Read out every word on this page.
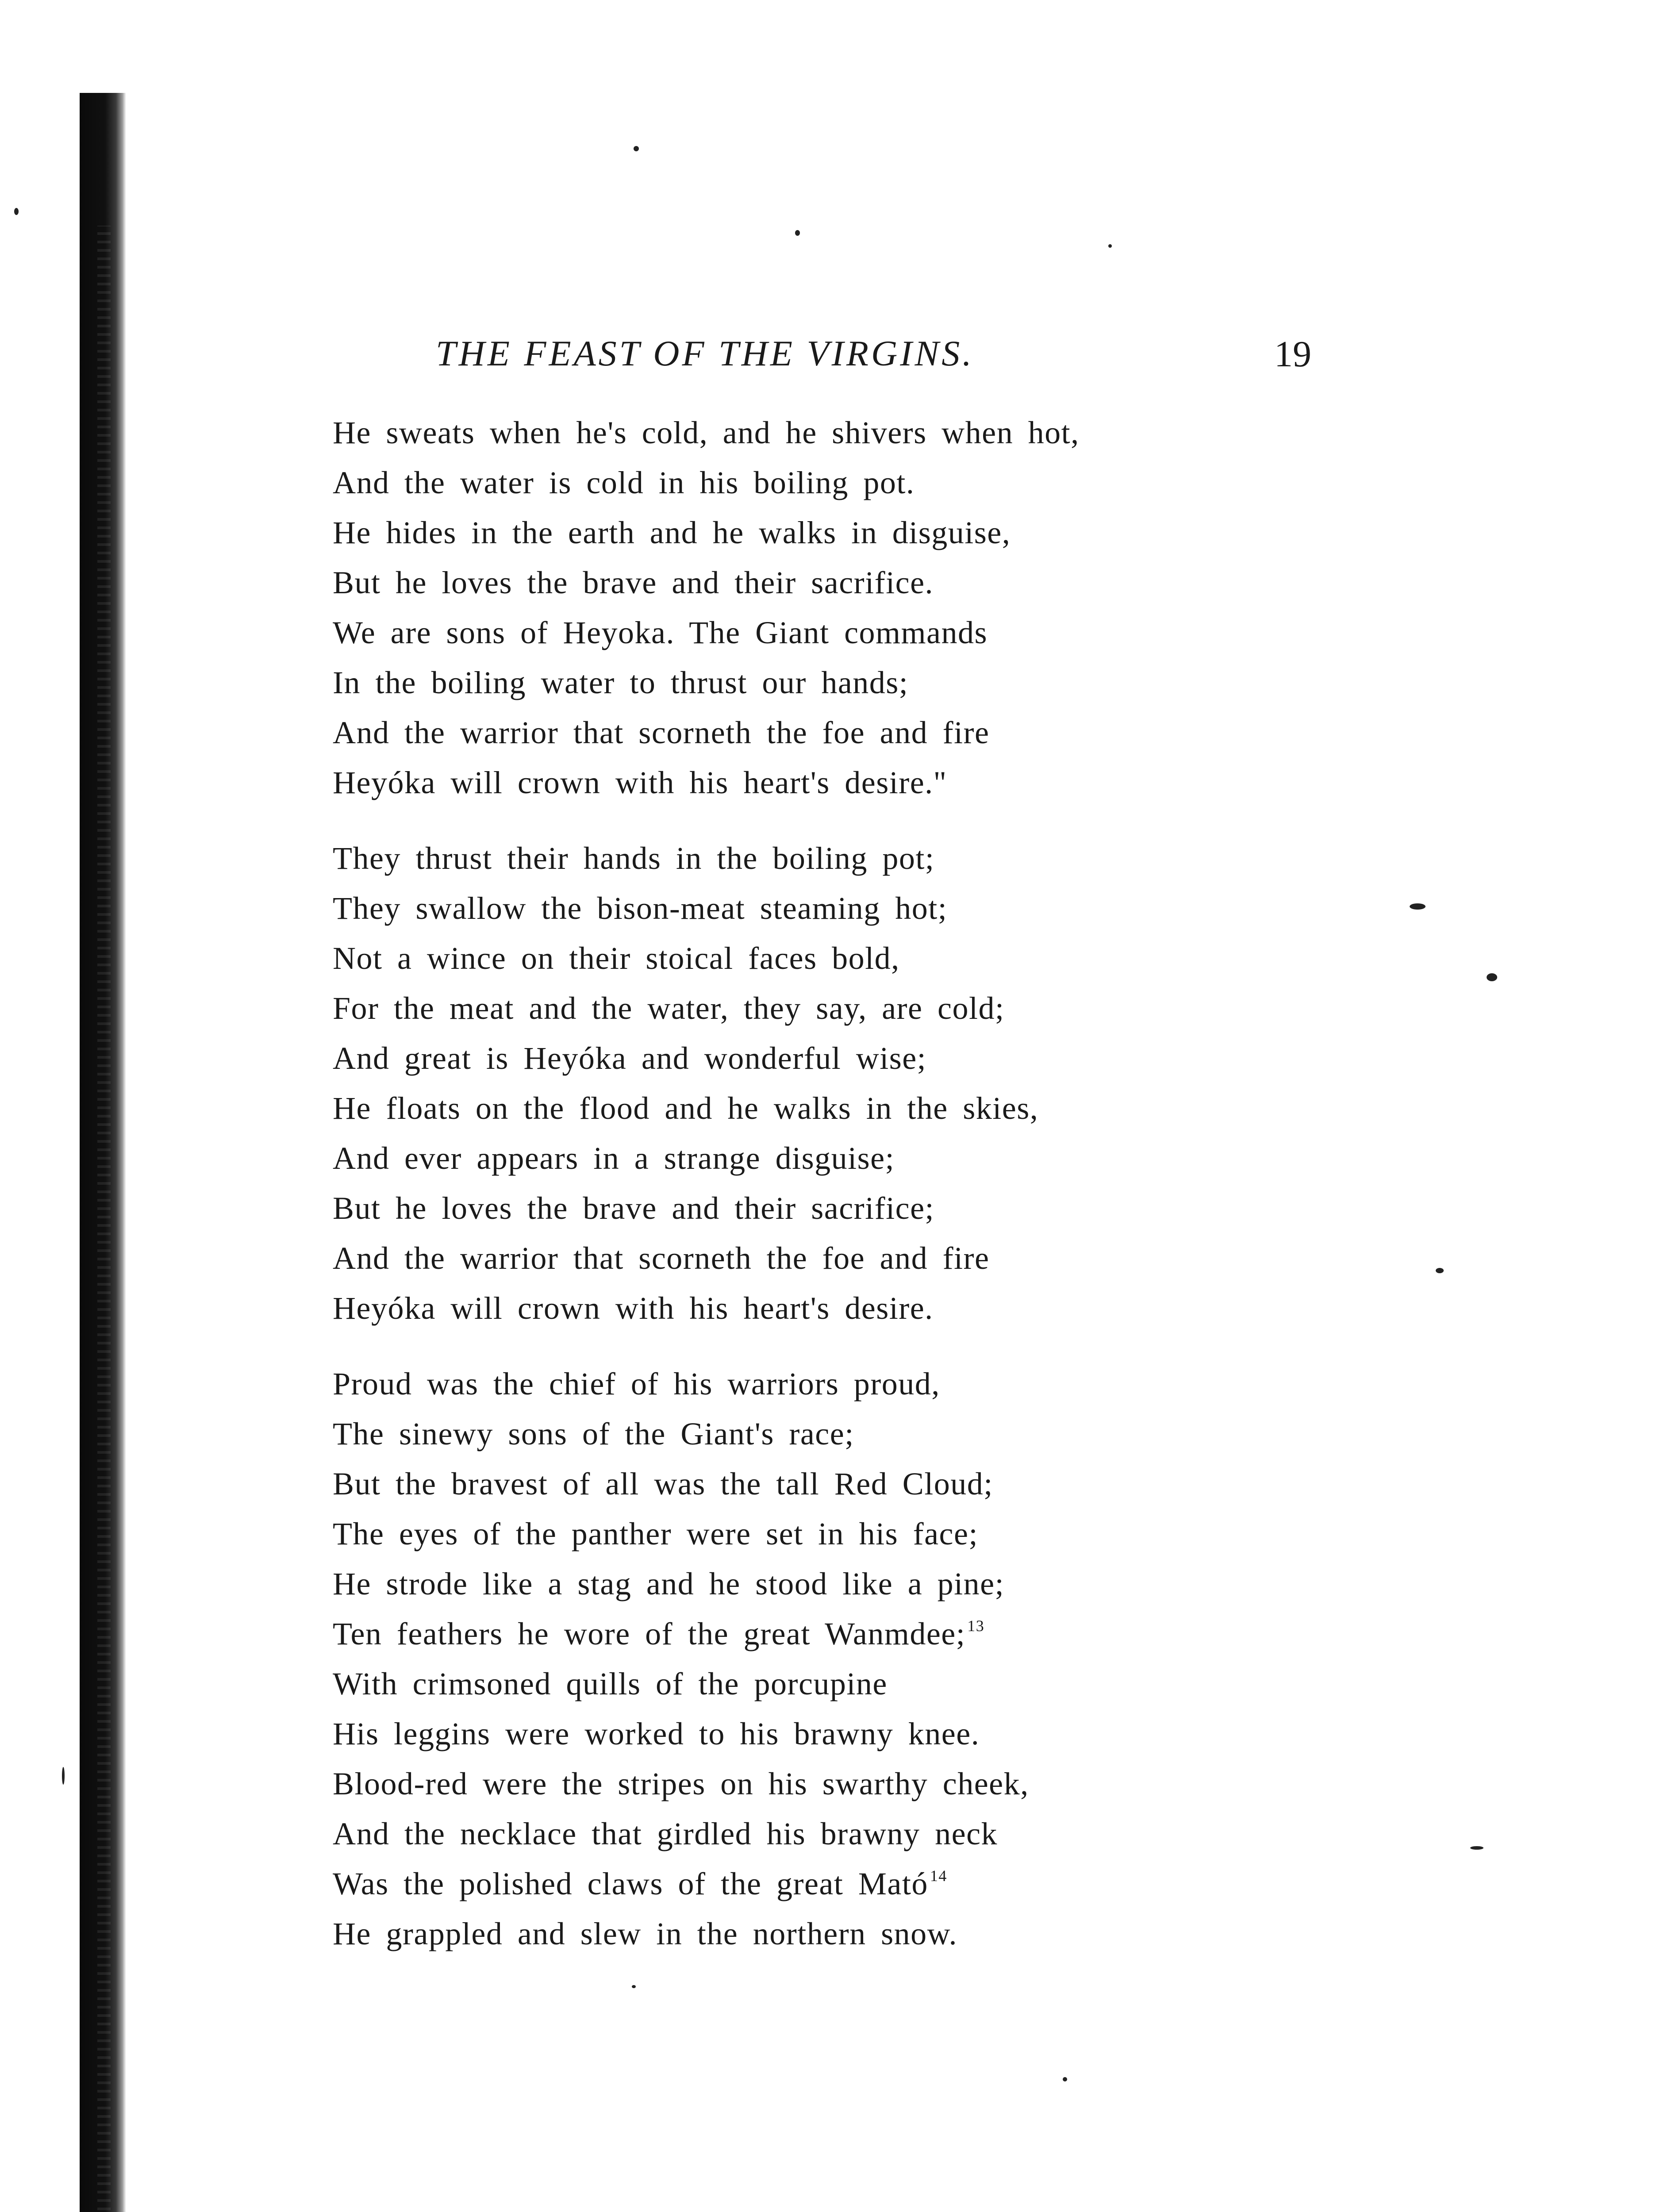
THE FEAST OF THE VIRGINS.	19
He sweats when he's cold, and he shivers when hot,
And the water is cold in his boiling pot.
He hides in the earth and he walks in disguise,
But he loves the brave and their sacrifice.
We are sons of Heyoka. The Giant commands
In the boiling water to thrust our hands;
And the warrior that scorneth the foe and fire
Heyóka will crown with his heart's desire."
They thrust their hands in the boiling pot;
They swallow the bison-meat steaming hot;
Not a wince on their stoical faces bold,
For the meat and the water, they say, are cold;
And great is Heyóka and wonderful wise;
He floats on the flood and he walks in the skies,
And ever appears in a strange disguise;
But he loves the brave and their sacrifice;
And the warrior that scorneth the foe and fire
Heyóka will crown with his heart's desire.
Proud was the chief of his warriors proud,
The sinewy sons of the Giant's race;
But the bravest of all was the tall Red Cloud;
The eyes of the panther were set in his face;
He strode like a stag and he stood like a pine;
Ten feathers he wore of the great Wanmdee; $^{13}$
With crimsoned quills of the porcupine
His leggins were worked to his brawny knee.
Blood-red were the stripes on his swarthy cheek,
And the necklace that girdled his brawny neck
Was the polished claws of the great Mató $^{14}$
He grappled and slew in the northern snow.
